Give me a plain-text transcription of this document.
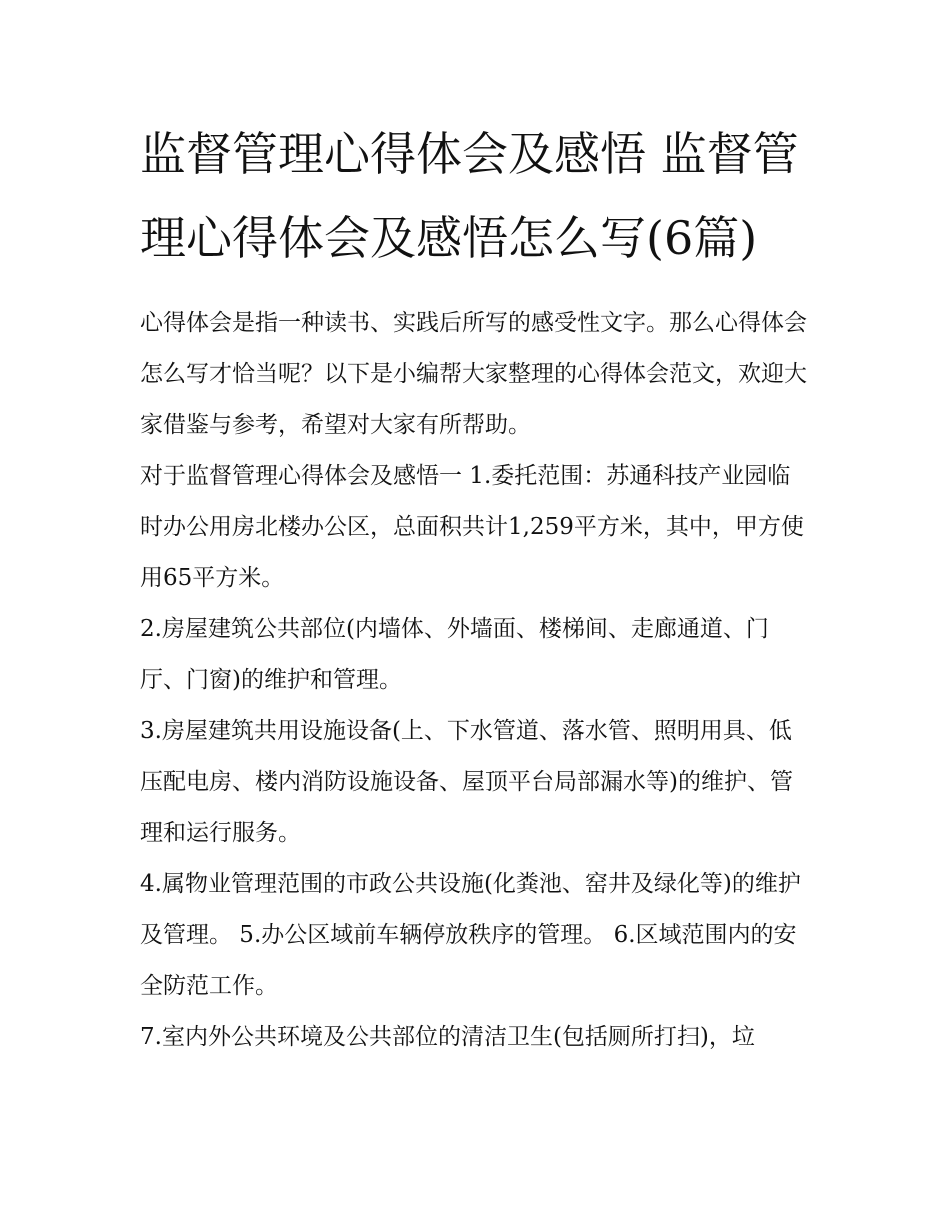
监督管理心得体会及感悟 监督管理心得体会及感悟怎么写(6篇)

心得体会是指一种读书、实践后所写的感受性文字。那么心得体会怎么写才恰当呢？以下是小编帮大家整理的心得体会范文，欢迎大家借鉴与参考，希望对大家有所帮助。

对于监督管理心得体会及感悟一 1.委托范围：苏通科技产业园临时办公用房北楼办公区，总面积共计1,259平方米，其中，甲方使用65平方米。

2.房屋建筑公共部位(内墙体、外墙面、楼梯间、走廊通道、门厅、门窗)的维护和管理。

3.房屋建筑共用设施设备(上、下水管道、落水管、照明用具、低压配电房、楼内消防设施设备、屋顶平台局部漏水等)的维护、管理和运行服务。

4.属物业管理范围的市政公共设施(化粪池、窑井及绿化等)的维护及管理。 5.办公区域前车辆停放秩序的管理。 6.区域范围内的安全防范工作。

7.室内外公共环境及公共部位的清洁卫生(包括厕所打扫)，垃
